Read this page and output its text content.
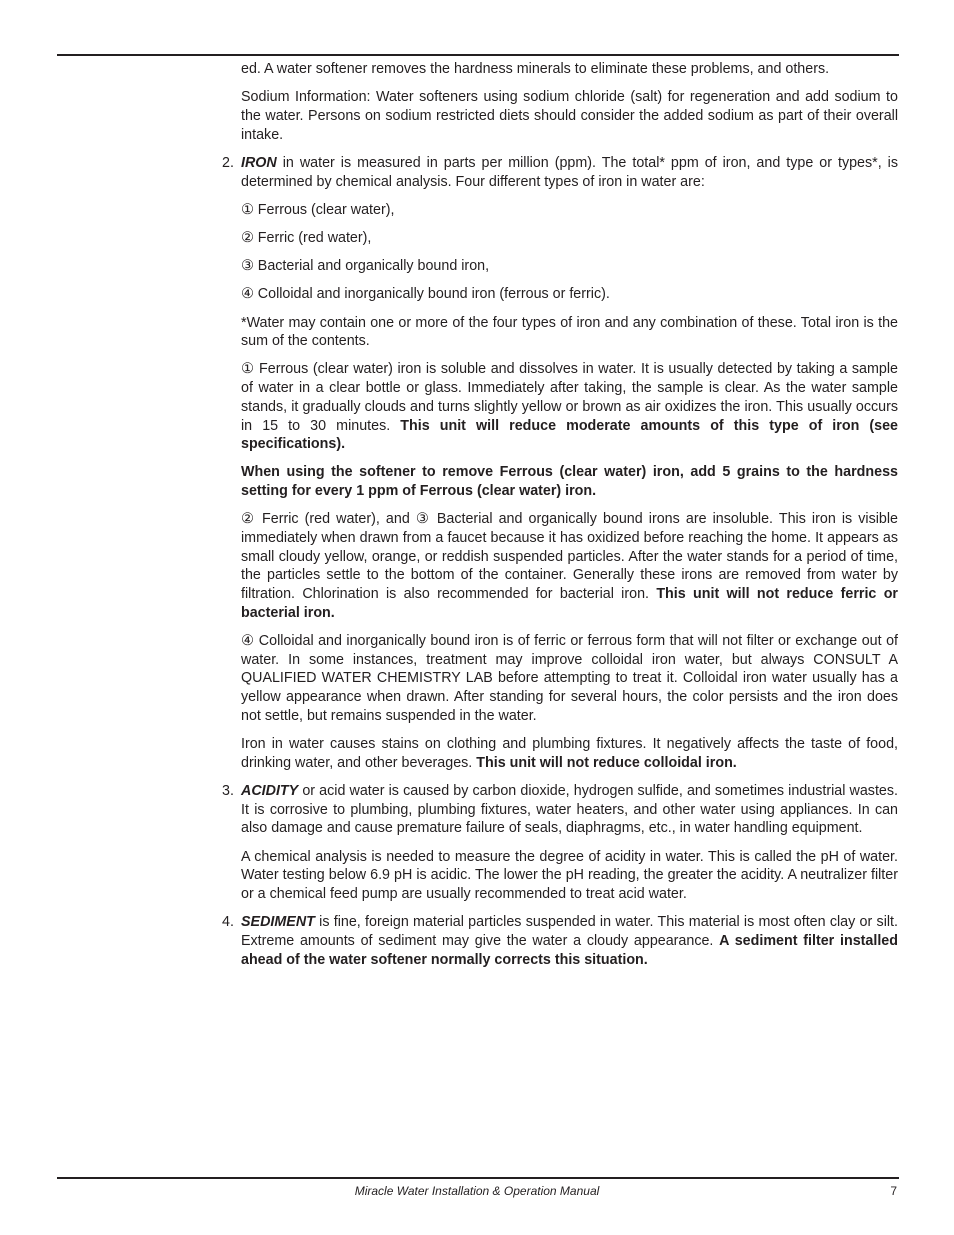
ed. A water softener removes the hardness minerals to eliminate these problems, and others.

Sodium Information: Water softeners using sodium chloride (salt) for regeneration and add sodium to the water. Persons on sodium restricted diets should consider the added sodium as part of their overall intake.

2. IRON in water is measured in parts per million (ppm). The total* ppm of iron, and type or types*, is determined by chemical analysis. Four different types of iron in water are:

① Ferrous (clear water),

② Ferric (red water),

③ Bacterial and organically bound iron,

④ Colloidal and inorganically bound iron (ferrous or ferric).

*Water may contain one or more of the four types of iron and any combination of these. Total iron is the sum of the contents.

① Ferrous (clear water) iron is soluble and dissolves in water. It is usually detected by taking a sample of water in a clear bottle or glass. Immediately after taking, the sample is clear. As the water sample stands, it gradually clouds and turns slightly yellow or brown as air oxidizes the iron. This usually occurs in 15 to 30 minutes. This unit will reduce moderate amounts of this type of iron (see specifications).

When using the softener to remove Ferrous (clear water) iron, add 5 grains to the hardness setting for every 1 ppm of Ferrous (clear water) iron.

② Ferric (red water), and ③ Bacterial and organically bound irons are insoluble. This iron is visible immediately when drawn from a faucet because it has oxidized before reaching the home. It appears as small cloudy yellow, orange, or reddish suspended particles. After the water stands for a period of time, the particles settle to the bottom of the container. Generally these irons are removed from water by filtration. Chlorination is also recommended for bacterial iron. This unit will not reduce ferric or bacterial iron.

④ Colloidal and inorganically bound iron is of ferric or ferrous form that will not filter or exchange out of water. In some instances, treatment may improve colloidal iron water, but always CONSULT A QUALIFIED WATER CHEMISTRY LAB before attempting to treat it. Colloidal iron water usually has a yellow appearance when drawn. After standing for several hours, the color persists and the iron does not settle, but remains suspended in the water.

Iron in water causes stains on clothing and plumbing fixtures. It negatively affects the taste of food, drinking water, and other beverages. This unit will not reduce colloidal iron.

3. ACIDITY or acid water is caused by carbon dioxide, hydrogen sulfide, and sometimes industrial wastes. It is corrosive to plumbing, plumbing fixtures, water heaters, and other water using appliances. In can also damage and cause premature failure of seals, diaphragms, etc., in water handling equipment.

A chemical analysis is needed to measure the degree of acidity in water. This is called the pH of water. Water testing below 6.9 pH is acidic. The lower the pH reading, the greater the acidity. A neutralizer filter or a chemical feed pump are usually recommended to treat acid water.

4. SEDIMENT is fine, foreign material particles suspended in water. This material is most often clay or silt. Extreme amounts of sediment may give the water a cloudy appearance. A sediment filter installed ahead of the water softener normally corrects this situation.

Miracle Water Installation & Operation Manual	7
